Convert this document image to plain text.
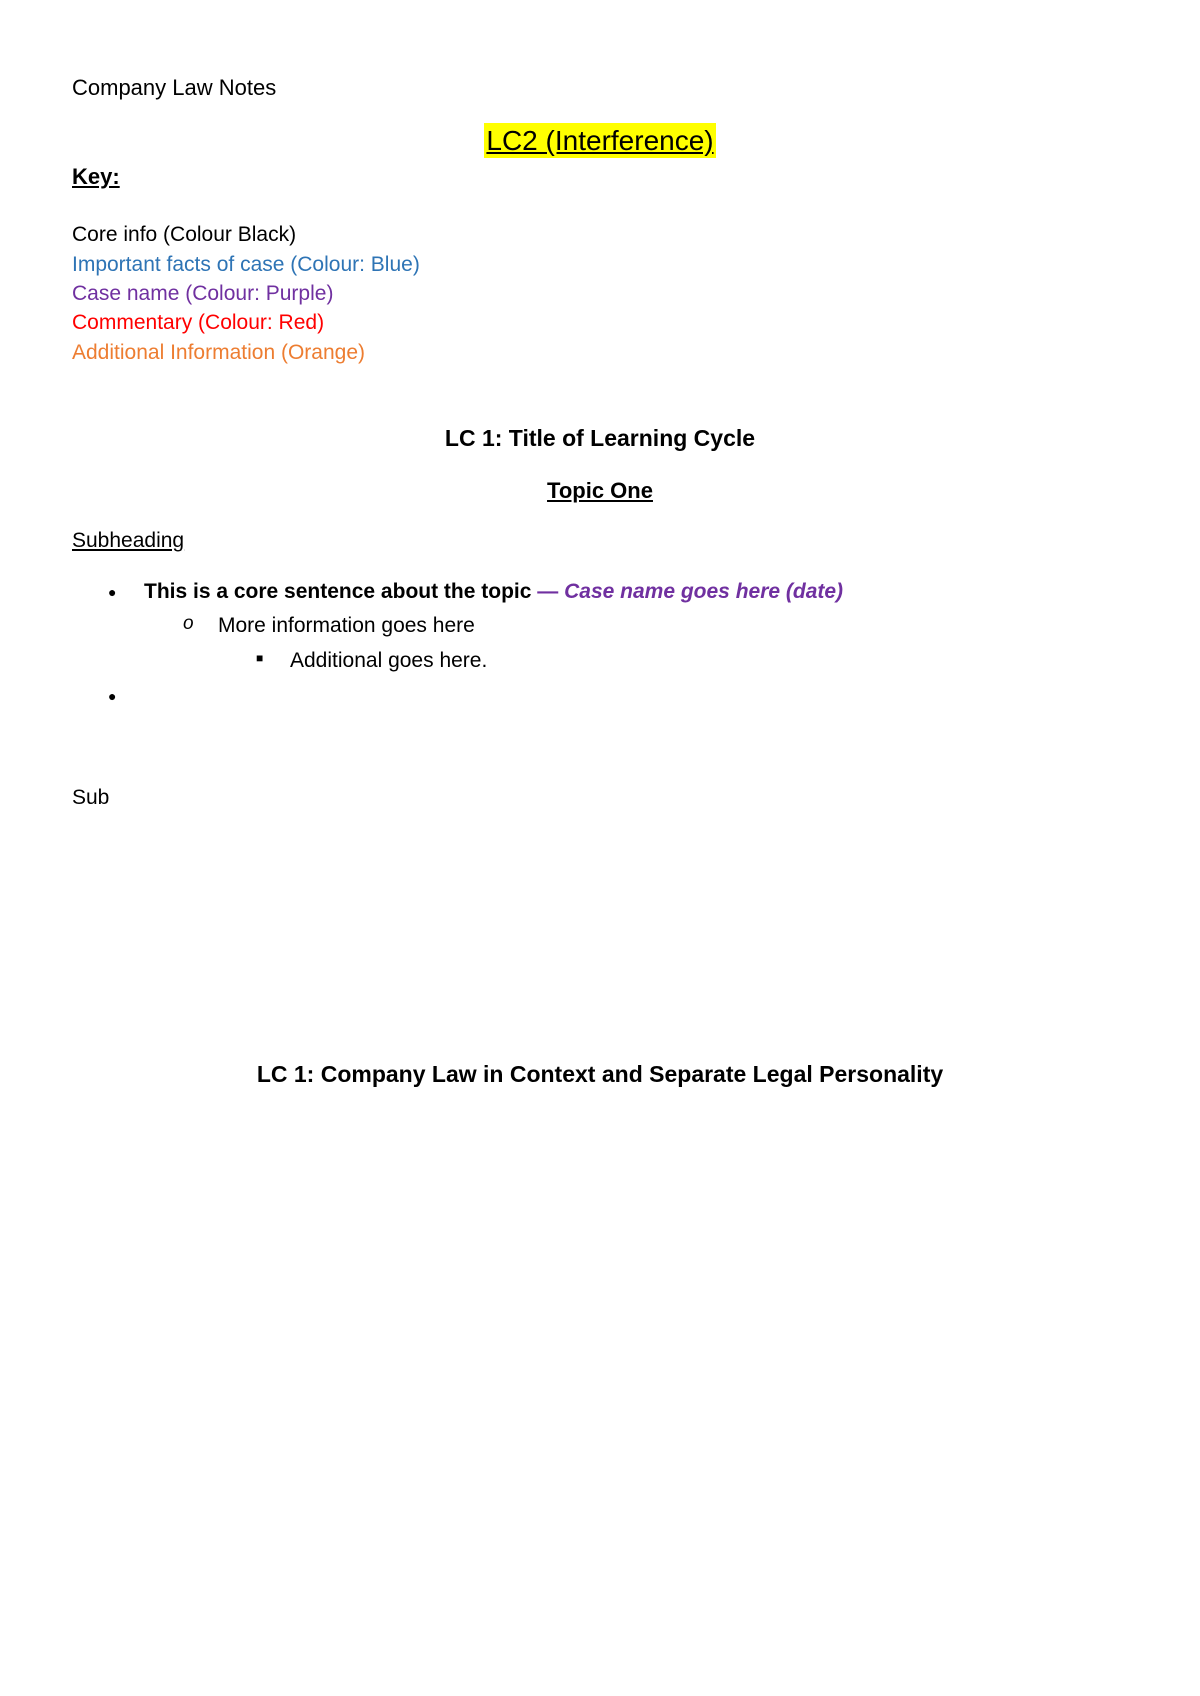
Company Law Notes
LC2 (Interference)
Key:
Core info (Colour Black)
Important facts of case (Colour: Blue)
Case name (Colour: Purple)
Commentary (Colour: Red)
Additional Information (Orange)
LC 1: Title of Learning Cycle
Topic One
Subheading
● This is a core sentence about the topic — Case name goes here (date)
o More information goes here
■ Additional goes here.
●
Sub
LC 1: Company Law in Context and Separate Legal Personality
